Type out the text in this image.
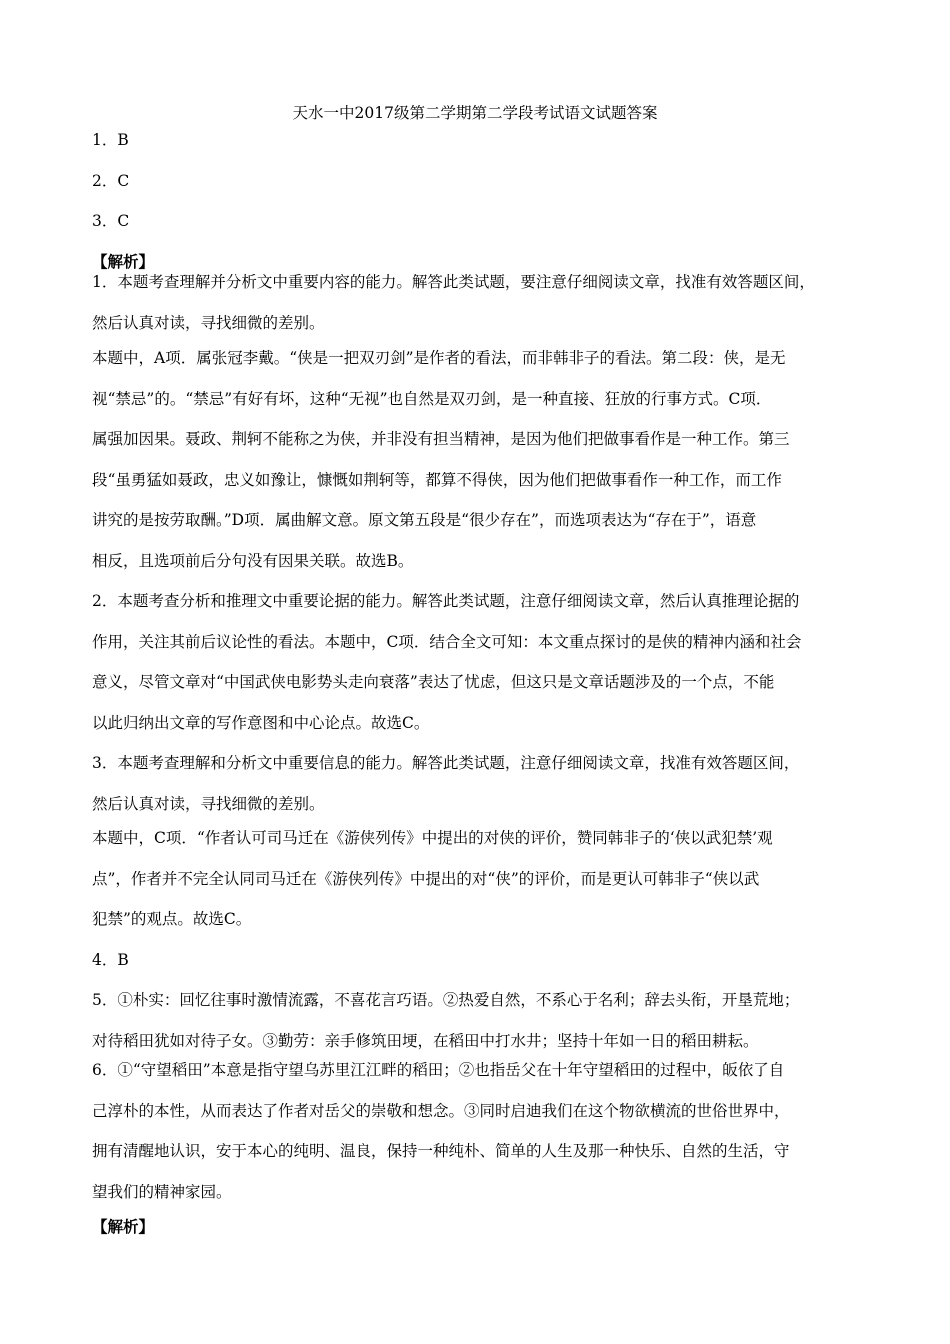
天水一中2017级第二学期第二学段考试语文试题答案
1．B
2．C
3．C
【解析】
1．本题考查理解并分析文中重要内容的能力。解答此类试题，要注意仔细阅读文章，找准有效答题区间，
然后认真对读，寻找细微的差别。
本题中，A项．属张冠李戴。“侠是一把双刃剑”是作者的看法，而非韩非子的看法。第二段：侠，是无
视“禁忌”的。“禁忌”有好有坏，这种“无视”也自然是双刃剑，是一种直接、狂放的行事方式。C项．
属强加因果。聂政、荆轲不能称之为侠，并非没有担当精神，是因为他们把做事看作是一种工作。第三
段“虽勇猛如聂政，忠义如豫让，慷慨如荆轲等，都算不得侠，因为他们把做事看作一种工作，而工作
讲究的是按劳取酬。”D项．属曲解文意。原文第五段是“很少存在”，而选项表达为“存在于”，语意
相反，且选项前后分句没有因果关联。故选B。
2．本题考查分析和推理文中重要论据的能力。解答此类试题，注意仔细阅读文章，然后认真推理论据的
作用，关注其前后议论性的看法。本题中，C项．结合全文可知：本文重点探讨的是侠的精神内涵和社会
意义，尽管文章对“中国武侠电影势头走向衰落”表达了忧虑，但这只是文章话题涉及的一个点，不能
以此归纳出文章的写作意图和中心论点。故选C。
3．本题考查理解和分析文中重要信息的能力。解答此类试题，注意仔细阅读文章，找准有效答题区间，
然后认真对读，寻找细微的差别。
本题中，C项．“作者认可司马迁在《游侠列传》中提出的对侠的评价，赞同韩非子的‘侠以武犯禁’观
点”，作者并不完全认同司马迁在《游侠列传》中提出的对“侠”的评价，而是更认可韩非子“侠以武
犯禁”的观点。故选C。
4．B
5．①朴实：回忆往事时激情流露，不喜花言巧语。②热爱自然，不系心于名利；辞去头衔，开垦荒地；
对待稻田犹如对待子女。③勤劳：亲手修筑田埂，在稻田中打水井；坚持十年如一日的稻田耕耘。
6．①“守望稻田”本意是指守望乌苏里江江畔的稻田；②也指岳父在十年守望稻田的过程中，皈依了自
己淳朴的本性，从而表达了作者对岳父的崇敬和想念。③同时启迪我们在这个物欲横流的世俗世界中，
拥有清醒地认识，安于本心的纯明、温良，保持一种纯朴、简单的人生及那一种快乐、自然的生活，守
望我们的精神家园。
【解析】
